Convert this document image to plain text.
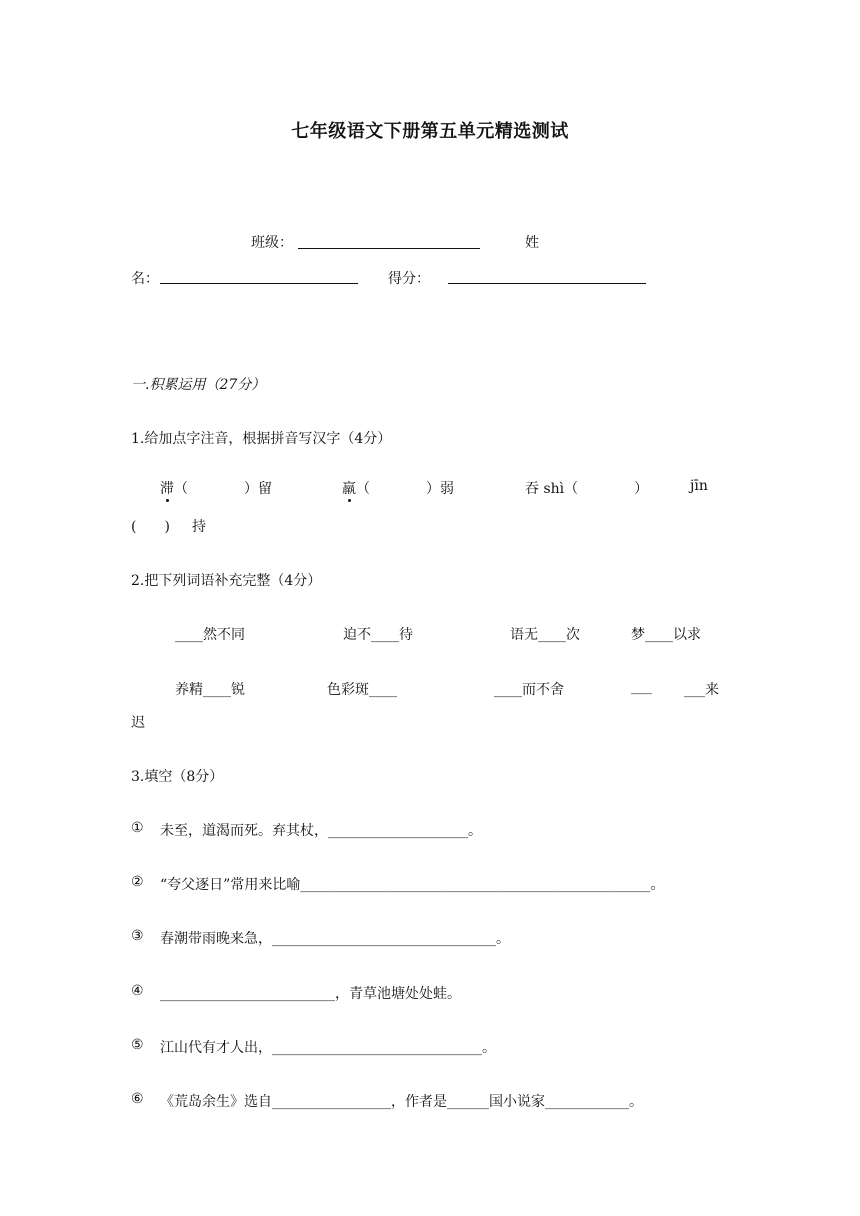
七年级语文下册第五单元精选测试
班级：	姓
名：	得分：
一.积累运用（27分）
1.给加点字注音，根据拼音写汉字（4分）
滞（　　　　）留	羸（　　　　）弱	吞 shì（　　　　）	jīn
(　　) 持
2.把下列词语补充完整（4分）
____然不同	迫不____待	语无____次	梦____以求
养精____锐	色彩斑____	____而不舍	___ ___来
迟
3.填空（8分）
① 未至，道渴而死。弃其杖，____________________。
② “夸父逐日”常用来比喻__________________________________________________。
③ 春潮带雨晚来急，________________________________。
④ _________________________，青草池塘处处蛙。
⑤ 江山代有才人出，______________________________。
⑥ 《荒岛余生》选自_________________，作者是______国小说家____________。
